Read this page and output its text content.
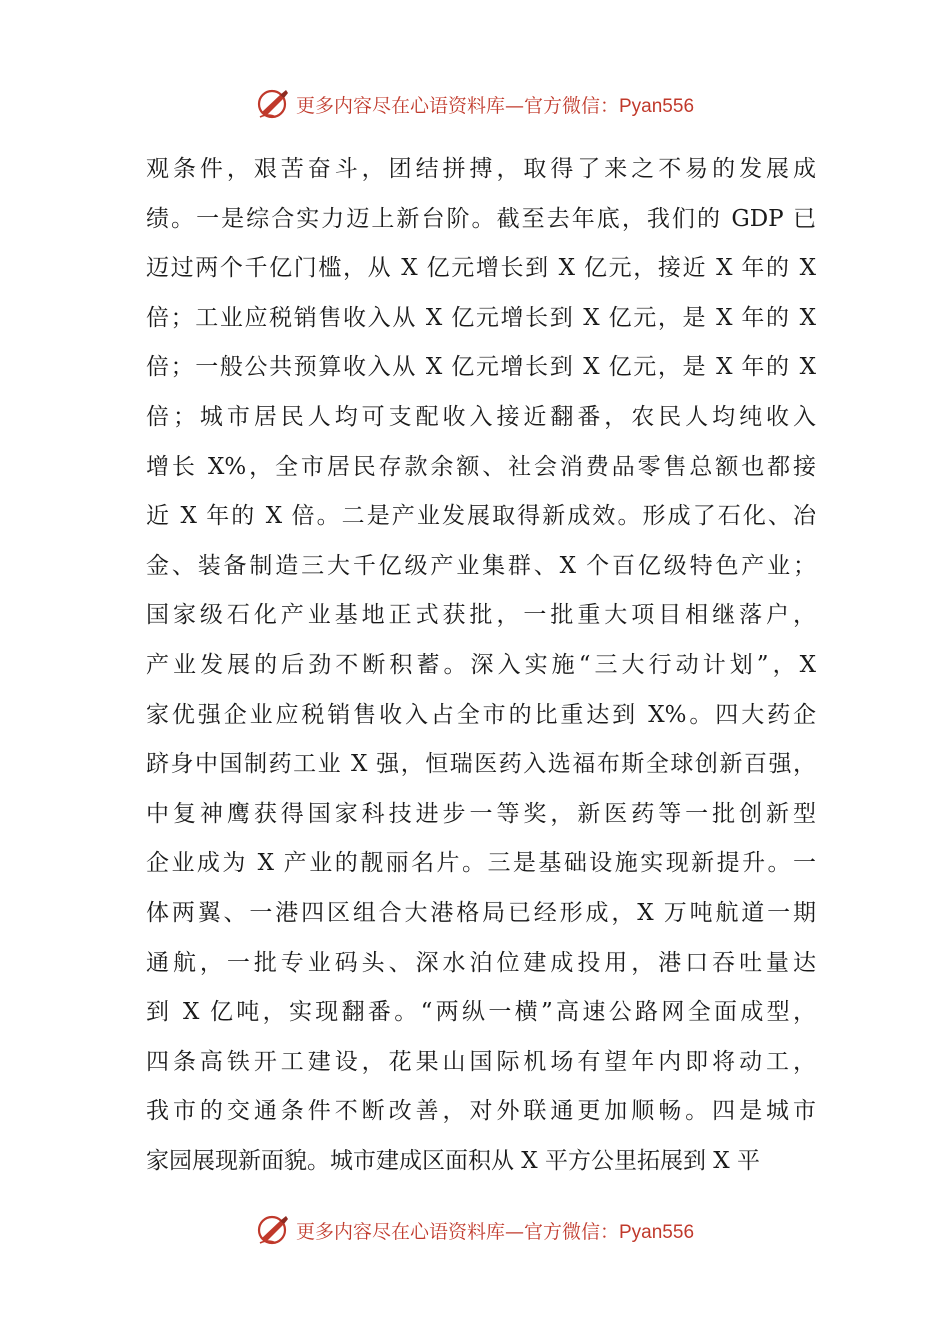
更多内容尽在心语资料库—官方微信：Pyan556
观条件，艰苦奋斗，团结拼搏，取得了来之不易的发展成
绩。一是综合实力迈上新台阶。截至去年底，我们的 GDP 已
迈过两个千亿门槛，从 X 亿元增长到 X 亿元，接近 X 年的 X
倍；工业应税销售收入从 X 亿元增长到 X 亿元，是 X 年的 X
倍；一般公共预算收入从 X 亿元增长到 X 亿元，是 X 年的 X
倍；城市居民人均可支配收入接近翻番，农民人均纯收入
增长 X%，全市居民存款余额、社会消费品零售总额也都接
近 X 年的 X 倍。二是产业发展取得新成效。形成了石化、冶
金、装备制造三大千亿级产业集群、X 个百亿级特色产业；
国家级石化产业基地正式获批，一批重大项目相继落户，
产业发展的后劲不断积蓄。深入实施“三大行动计划”，X
家优强企业应税销售收入占全市的比重达到 X%。四大药企
跻身中国制药工业 X 强，恒瑞医药入选福布斯全球创新百强，
中复神鹰获得国家科技进步一等奖，新医药等一批创新型
企业成为 X 产业的靓丽名片。三是基础设施实现新提升。一
体两翼、一港四区组合大港格局已经形成，X 万吨航道一期
通航，一批专业码头、深水泊位建成投用，港口吞吐量达
到 X 亿吨，实现翻番。“两纵一横”高速公路网全面成型，
四条高铁开工建设，花果山国际机场有望年内即将动工，
我市的交通条件不断改善，对外联通更加顺畅。四是城市
家园展现新面貌。城市建成区面积从 X 平方公里拓展到 X 平
更多内容尽在心语资料库—官方微信：Pyan556
